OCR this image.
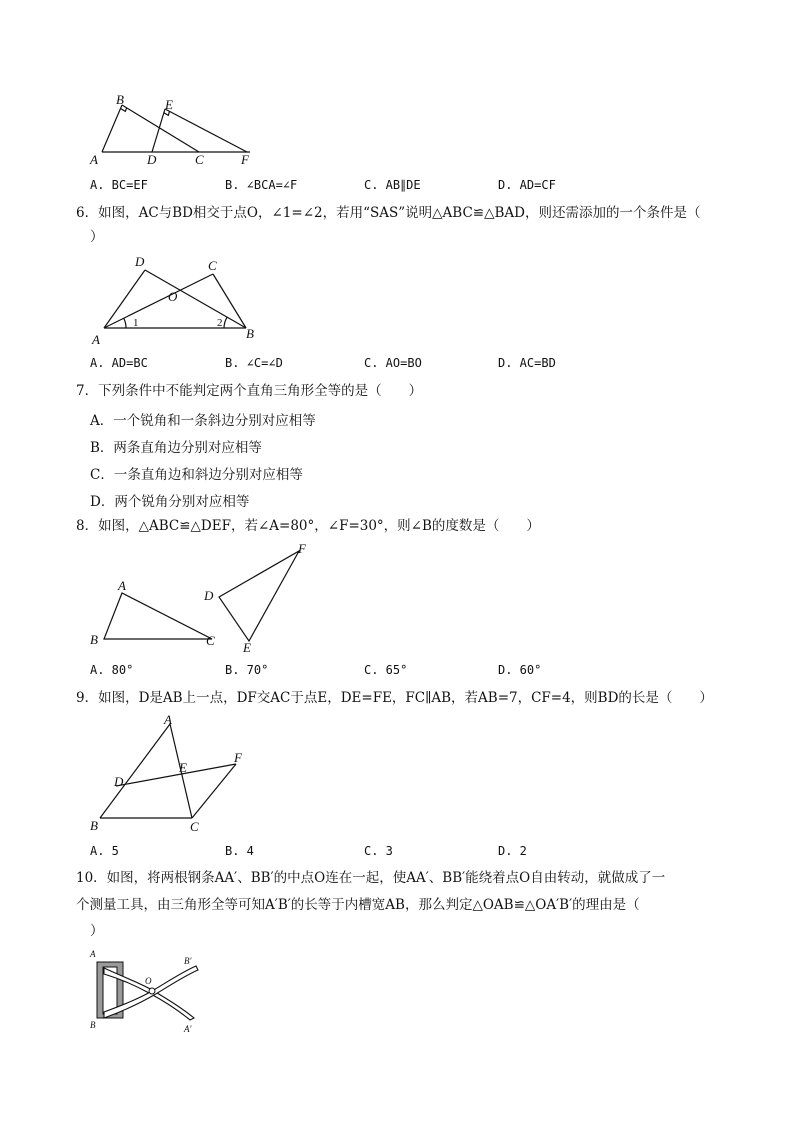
B	E
A	D	C	F
A. BC=EF	B. ∠BCA=∠F	C. AB∥DE	D. AD=CF
6．如图，AC与BD相交于点O，∠1=∠2，若用“SAS”说明△ABC≌△BAD，则还需添加的一个条件是（
）
D	C
O
A	B
1	2
A. AD=BC	B. ∠C=∠D	C. AO=BO	D. AC=BD
7．下列条件中不能判定两个直角三角形全等的是（　　）
A．一个锐角和一条斜边分别对应相等
B．两条直角边分别对应相等
C．一条直角边和斜边分别对应相等
D．两个锐角分别对应相等
8．如图，△ABC≌△DEF，若∠A=80°，∠F=30°，则∠B的度数是（　　）
A
B	C
D
E
F
A. 80°	B. 70°	C. 65°	D. 60°
9．如图，D是AB上一点，DF交AC于点E，DE=FE，FC∥AB，若AB=7，CF=4，则BD的长是（　　）
A
B	C
D
E
F
A. 5	B. 4	C. 3	D. 2
10．如图，将两根钢条AA′、BB′的中点O连在一起，使AA′、BB′能绕着点O自由转动，就做成了一
个测量工具，由三角形全等可知A′B′的长等于内槽宽AB，那么判定△OAB≌△OA′B′的理由是（
）
A
B
O
B′
A′
